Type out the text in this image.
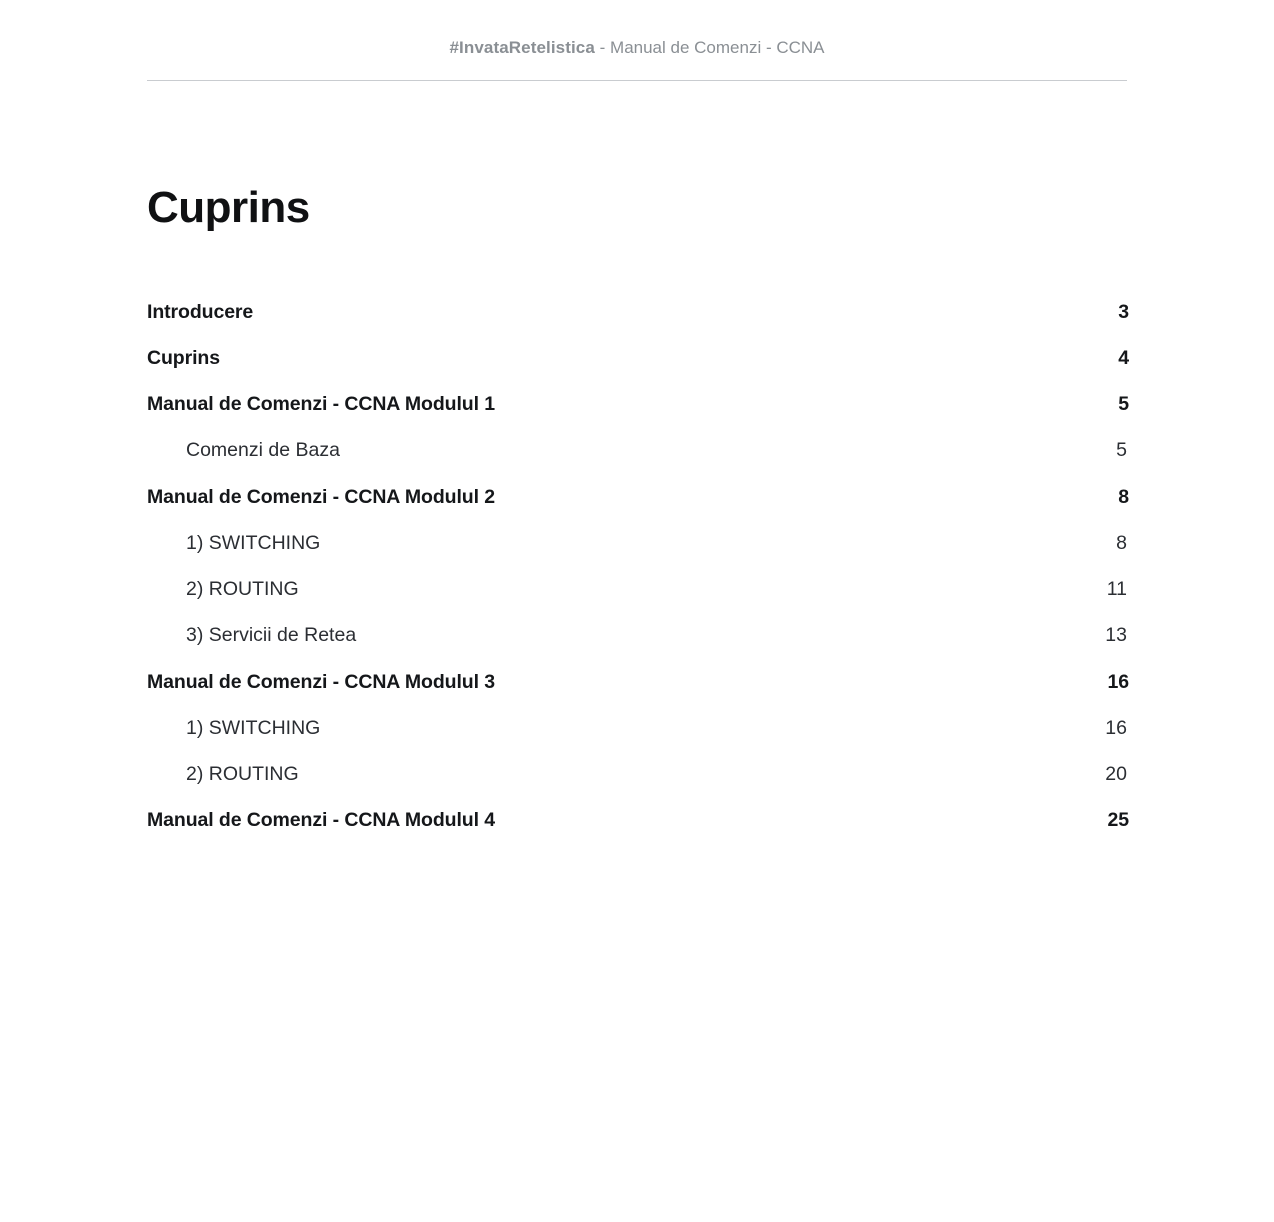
#InvataRetelistica - Manual de Comenzi - CCNA
Cuprins
Introducere	3
Cuprins	4
Manual de Comenzi - CCNA Modulul 1	5
Comenzi de Baza	5
Manual de Comenzi - CCNA Modulul 2	8
1) SWITCHING	8
2) ROUTING	11
3) Servicii de Retea	13
Manual de Comenzi - CCNA Modulul 3	16
1) SWITCHING	16
2) ROUTING	20
Manual de Comenzi - CCNA Modulul 4	25
